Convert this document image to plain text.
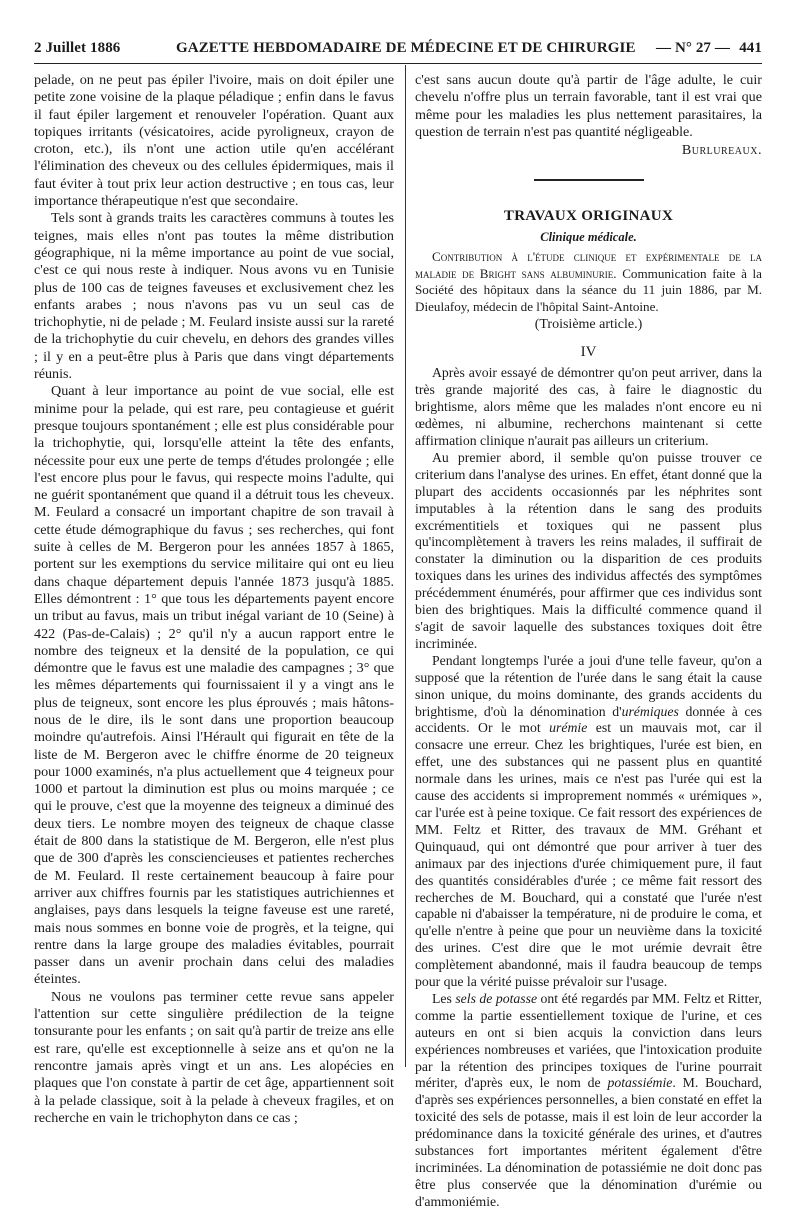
2 Juillet 1886	GAZETTE HEBDOMADAIRE DE MÉDECINE ET DE CHIRURGIE — N° 27 — 441

pelade, on ne peut pas épiler l'ivoire, mais on doit épiler une petite zone voisine de la plaque péladique ; enfin dans le favus il faut épiler largement et renouveler l'opération. Quant aux topiques irritants (vésicatoires, acide pyroligneux, crayon de croton, etc.), ils n'ont une action utile qu'en accélérant l'élimination des cheveux ou des cellules épidermiques, mais il faut éviter à tout prix leur action destructive ; en tous cas, leur importance thérapeutique n'est que secondaire.

Tels sont à grands traits les caractères communs à toutes les teignes, mais elles n'ont pas toutes la même distribution géographique, ni la même importance au point de vue social, c'est ce qui nous reste à indiquer. Nous avons vu en Tunisie plus de 100 cas de teignes faveuses et exclusivement chez les enfants arabes ; nous n'avons pas vu un seul cas de trichophytie, ni de pelade ; M. Feulard insiste aussi sur la rareté de la trichophytie du cuir chevelu, en dehors des grandes villes ; il y en a peut-être plus à Paris que dans vingt départements réunis.

Quant à leur importance au point de vue social, elle est minime pour la pelade, qui est rare, peu contagieuse et guérit presque toujours spontanément ; elle est plus considérable pour la trichophytie, qui, lorsqu'elle atteint la tête des enfants, nécessite pour eux une perte de temps d'études prolongée ; elle l'est encore plus pour le favus, qui respecte moins l'adulte, qui ne guérit spontanément que quand il a détruit tous les cheveux. M. Feulard a consacré un important chapitre de son travail à cette étude démographique du favus ; ses recherches, qui font suite à celles de M. Bergeron pour les années 1857 à 1865, portent sur les exemptions du service militaire qui ont eu lieu dans chaque département depuis l'année 1873 jusqu'à 1885. Elles démontrent : 1° que tous les départements payent encore un tribut au favus, mais un tribut inégal variant de 10 (Seine) à 422 (Pas-de-Calais) ; 2° qu'il n'y a aucun rapport entre le nombre des teigneux et la densité de la population, ce qui démontre que le favus est une maladie des campagnes ; 3° que les mêmes départements qui fournissaient il y a vingt ans le plus de teigneux, sont encore les plus éprouvés ; mais hâtons-nous de le dire, ils le sont dans une proportion beaucoup moindre qu'autrefois. Ainsi l'Hérault qui figurait en tête de la liste de M. Bergeron avec le chiffre énorme de 20 teigneux pour 1000 examinés, n'a plus actuellement que 4 teigneux pour 1000 et partout la diminution est plus ou moins marquée ; ce qui le prouve, c'est que la moyenne des teigneux a diminué des deux tiers. Le nombre moyen des teigneux de chaque classe était de 800 dans la statistique de M. Bergeron, elle n'est plus que de 300 d'après les consciencieuses et patientes recherches de M. Feulard. Il reste certainement beaucoup à faire pour arriver aux chiffres fournis par les statistiques autrichiennes et anglaises, pays dans lesquels la teigne faveuse est une rareté, mais nous sommes en bonne voie de progrès, et la teigne, qui rentre dans la large groupe des maladies évitables, pourrait passer dans un avenir prochain dans celui des maladies éteintes.

Nous ne voulons pas terminer cette revue sans appeler l'attention sur cette singulière prédilection de la teigne tonsurante pour les enfants ; on sait qu'à partir de treize ans elle est rare, qu'elle est exceptionnelle à seize ans et qu'on ne la rencontre jamais après vingt et un ans. Les alopécies en plaques que l'on constate à partir de cet âge, appartiennent soit à la pelade classique, soit à la pelade à cheveux fragiles, et on recherche en vain le trichophyton dans ce cas ;

c'est sans aucun doute qu'à partir de l'âge adulte, le cuir chevelu n'offre plus un terrain favorable, tant il est vrai que même pour les maladies les plus nettement parasitaires, la question de terrain n'est pas quantité négligeable.

Burlureaux.
TRAVAUX ORIGINAUX
Clinique médicale.
Contribution à l'étude clinique et expérimentale de la maladie de Bright sans albuminurie. Communication faite à la Société des hôpitaux dans la séance du 11 juin 1886, par M. Dieulafoy, médecin de l'hôpital Saint-Antoine.
(Troisième article.)
IV

Après avoir essayé de démontrer qu'on peut arriver, dans la très grande majorité des cas, à faire le diagnostic du brightisme, alors même que les malades n'ont encore eu ni œdèmes, ni albumine, recherchons maintenant si cette affirmation clinique n'aurait pas ailleurs un criterium.

Au premier abord, il semble qu'on puisse trouver ce criterium dans l'analyse des urines. En effet, étant donné que la plupart des accidents occasionnés par les néphrites sont imputables à la rétention dans le sang des produits excrémentitiels et toxiques qui ne passent plus qu'incomplètement à travers les reins malades, il suffirait de constater la diminution ou la disparition de ces produits toxiques dans les urines des individus affectés des symptômes précédemment énumérés, pour affirmer que ces individus sont bien des brightiques. Mais la difficulté commence quand il s'agit de savoir laquelle des substances toxiques doit être incriminée.

Pendant longtemps l'urée a joui d'une telle faveur, qu'on a supposé que la rétention de l'urée dans le sang était la cause sinon unique, du moins dominante, des grands accidents du brightisme, d'où la dénomination d'urémiques donnée à ces accidents. Or le mot urémie est un mauvais mot, car il consacre une erreur. Chez les brightiques, l'urée est bien, en effet, une des substances qui ne passent plus en quantité normale dans les urines, mais ce n'est pas l'urée qui est la cause des accidents si improprement nommés « urémiques », car l'urée est à peine toxique. Ce fait ressort des expériences de MM. Feltz et Ritter, des travaux de MM. Gréhant et Quinquaud, qui ont démontré que pour arriver à tuer des animaux par des injections d'urée chimiquement pure, il faut des quantités considérables d'urée ; ce même fait ressort des recherches de M. Bouchard, qui a constaté que l'urée n'est capable ni d'abaisser la température, ni de produire le coma, et qu'elle n'entre à peine que pour un neuvième dans la toxicité des urines. C'est dire que le mot urémie devrait être complètement abandonné, mais il faudra beaucoup de temps pour que la vérité puisse prévaloir sur l'usage.

Les sels de potasse ont été regardés par MM. Feltz et Ritter, comme la partie essentiellement toxique de l'urine, et ces auteurs en ont si bien acquis la conviction dans leurs expériences nombreuses et variées, que l'intoxication produite par la rétention des principes toxiques de l'urine pourrait mériter, d'après eux, le nom de potassiémie. M. Bouchard, d'après ses expériences personnelles, a bien constaté en effet la toxicité des sels de potasse, mais il est loin de leur accorder la prédominance dans la toxicité générale des urines, et d'autres substances fort importantes méritent également d'être incriminées. La dénomination de potassiémie ne doit donc pas être plus conservée que la dénomination d'urémie ou d'ammoniémie.
